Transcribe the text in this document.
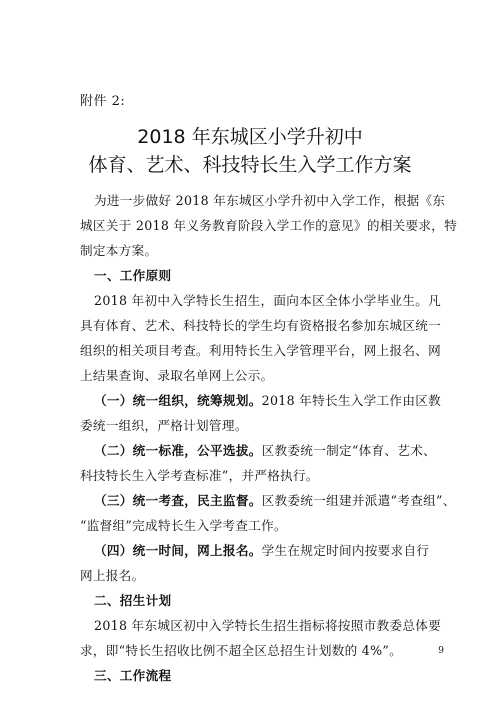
附件 2:
2018 年东城区小学升初中
体育、艺术、科技特长生入学工作方案
为进一步做好 2018 年东城区小学升初中入学工作，根据《东
城区关于 2018 年义务教育阶段入学工作的意见》的相关要求，特
制定本方案。
一、工作原则
2018 年初中入学特长生招生，面向本区全体小学毕业生。凡
具有体育、艺术、科技特长的学生均有资格报名参加东城区统一
组织的相关项目考查。利用特长生入学管理平台，网上报名、网
上结果查询、录取名单网上公示。
（一）统一组织，统筹规划。2018 年特长生入学工作由区教
委统一组织，严格计划管理。
（二）统一标准，公平选拔。区教委统一制定“体育、艺术、
科技特长生入学考查标准”，并严格执行。
（三）统一考查，民主监督。区教委统一组建并派遣“考查组”、
“监督组”完成特长生入学考查工作。
（四）统一时间，网上报名。学生在规定时间内按要求自行
网上报名。
二、招生计划
2018 年东城区初中入学特长生招生指标将按照市教委总体要
求，即“特长生招收比例不超全区总招生计划数的 4%”。
三、工作流程
9
